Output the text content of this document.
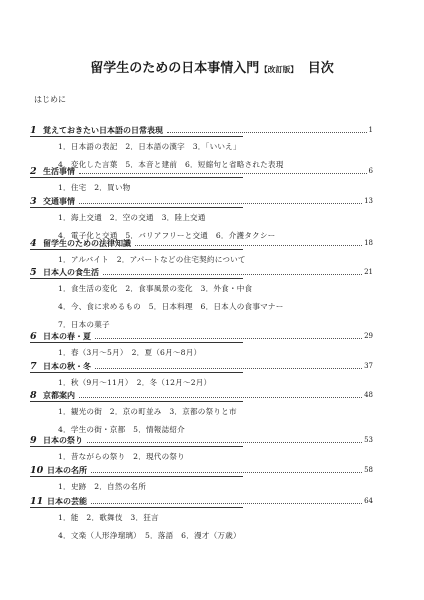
留学生のための日本事情入門【改訂版】 目次
はじめに
1 覚えておきたい日本語の日常表現	1
1．日本語の表記　2．日本語の漢字　3．「いいえ」
4．変化した言葉　5．本音と建前　6．短縮句と省略された表現
2 生活事情	6
1．住宅　2．買い物
3 交通事情	13
1．海上交通　2．空の交通　3．陸上交通
4．電子化と交通　5．バリアフリーと交通　6．介護タクシー
4 留学生のための法律知識	18
1．アルバイト　2．アパートなどの住宅契約について
5 日本人の食生活	21
1．食生活の変化　2．食事風景の変化　3．外食・中食
4．今、食に求めるもの　5．日本料理　6．日本人の食事マナー
7．日本の菓子
6 日本の春・夏	29
1．春（3月～5月）　2．夏（6月～8月）
7 日本の秋・冬	37
1．秋（9月～11月）　2．冬（12月～2月）
8 京都案内	48
1．観光の街　2．京の町並み　3．京都の祭りと市
4．学生の街・京都　5．情報誌紹介
9 日本の祭り	53
1．昔ながらの祭り　2．現代の祭り
10 日本の名所	58
1．史跡　2．自然の名所
11 日本の芸能	64
1．能　2．歌舞伎　3．狂言
4．文楽（人形浄瑠璃）　5．落語　6．漫才（万歳）
